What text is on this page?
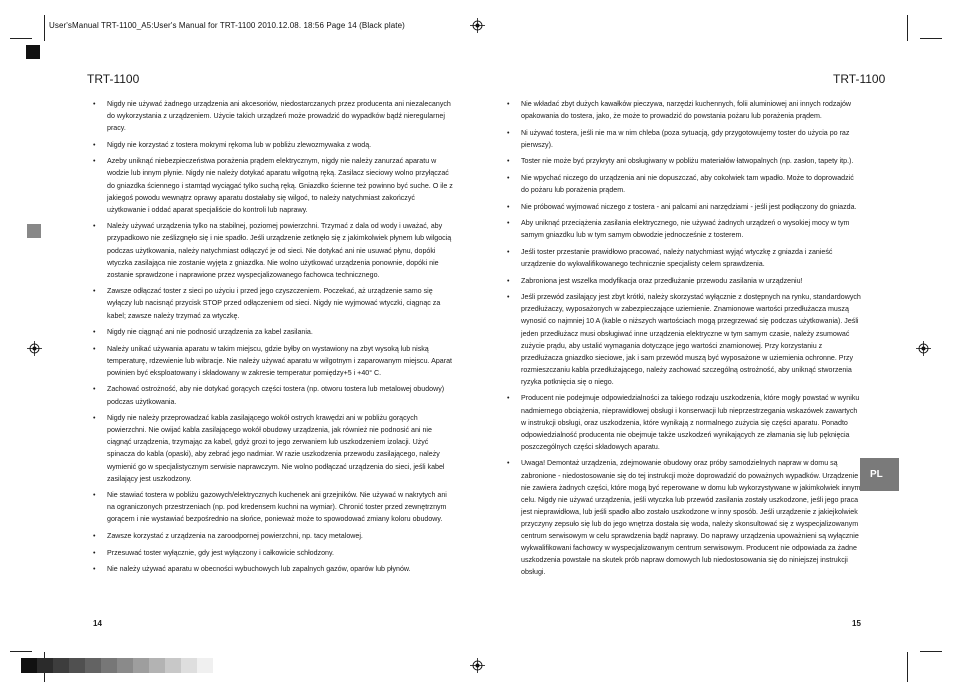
User'sManual TRT-1100_A5:User's Manual for TRT-1100 2010.12.08. 18:56 Page 14 (Black plate)
TRT-1100
• Nigdy nie używać żadnego urządzenia ani akcesoriów, niedostarczanych przez producenta ani niezalecanych do wykorzystania z urządzeniem. Użycie takich urządzeń może prowadzić do wypadków bądź nieregularnej pracy.
• Nigdy nie korzystać z tostera mokrymi rękoma lub w pobliżu zlewozmywaka z wodą.
• Azeby uniknąć niebezpieczeństwa porażenia prądem elektrycznym, nigdy nie należy zanurzać aparatu w wodzie lub innym płynie. Nigdy nie należy dotykać aparatu wilgotną ręką. Zasilacz sieciowy wolno przyłączać do gniazdka ściennego i stamtąd wyciągać tylko suchą ręką. Gniazdko ścienne też powinno być suche. O ile z jakiegoś powodu wewnątrz oprawy aparatu dostałaby się wilgoć, to należy natychmiast zakończyć użytkowanie i oddać aparat specjaliście do kontroli lub naprawy.
• Należy używać urządzenia tylko na stabilnej, poziomej powierzchni. Trzymać z dala od wody i uważać, aby przypadkowo nie ześlizgnęło się i nie spadło. Jeśli urządzenie zetknęło się z jakimkolwiek płynem lub wilgocią podczas użytkowania, należy natychmiast odłączyć je od sieci. Nie dotykać ani nie usuwać płynu, dopóki wtyczka zasilająca nie zostanie wyjęta z gniazdka. Nie wolno użytkować urządzenia ponownie, dopóki nie zostanie sprawdzone i naprawione przez wyspecjalizowanego fachowca technicznego.
• Zawsze odłączać toster z sieci po użyciu i przed jego czyszczeniem. Poczekać, aż urządzenie samo się wyłączy lub nacisnąć przycisk STOP przed odłączeniem od sieci. Nigdy nie wyjmować wtyczki, ciągnąc za kabel; zawsze należy trzymać za wtyczkę.
• Nigdy nie ciągnąć ani nie podnosić urządzenia za kabel zasilania.
• Należy unikać używania aparatu w takim miejscu, gdzie byłby on wystawiony na zbyt wysoką lub niską temperaturę, rdzewienie lub wibracje. Nie należy używać aparatu w wilgotnym i zaparowanym miejscu. Aparat powinien być eksploatowany i składowany w zakresie temperatur pomiędzy+5 i +40° C.
• Zachować ostrożność, aby nie dotykać gorących części tostera (np. otworu tostera lub metalowej obudowy) podczas użytkowania.
• Nigdy nie należy przeprowadzać kabla zasilającego wokół ostrych krawędzi ani w pobliżu gorących powierzchni. Nie owijać kabla zasilającego wokół obudowy urządzenia, jak również nie podnosić ani nie ciągnąć urządzenia, trzymając za kabel, gdyż grozi to jego zerwaniem lub uszkodzeniem izolacji. Użyć spinacza do kabla (opaski), aby zebrać jego nadmiar. W razie uszkodzenia przewodu zasilającego, należy wymienić go w specjalistycznym serwisie naprawczym. Nie wolno podłączać urządzenia do sieci, jeśli kabel zasilający jest uszkodzony.
• Nie stawiać tostera w pobliżu gazowych/elektrycznych kuchenek ani grzejników. Nie używać w nakrytych ani na ograniczonych przestrzeniach (np. pod kredensem kuchni na wymiar). Chronić toster przed zewnętrznym gorącem i nie wystawiać bezpośrednio na słońce, ponieważ może to spowodować zmiany koloru obudowy.
• Zawsze korzystać z urządzenia na zaroodpornej powierzchni, np. tacy metalowej.
• Przesuwać toster wyłącznie, gdy jest wyłączony i całkowicie schłodzony.
• Nie należy używać aparatu w obecności wybuchowych lub zapalnych gazów, oparów lub płynów.
14
TRT-1100
• Nie wkładać zbyt dużych kawałków pieczywa, narzędzi kuchennych, folii aluminiowej ani innych rodzajów opakowania do tostera, jako, że może to prowadzić do powstania pożaru lub porażenia prądem.
• Ni używać tostera, jeśli nie ma w nim chleba (poza sytuacją, gdy przygotowujemy toster do użycia po raz pierwszy).
• Toster nie może być przykryty ani obsługiwany w pobliżu materiałów łatwopalnych (np. zasłon, tapety itp.).
• Nie wpychać niczego do urządzenia ani nie dopuszczać, aby cokolwiek tam wpadło. Może to doprowadzić do pożaru lub porażenia prądem.
• Nie próbować wyjmować niczego z tostera - ani palcami ani narzędziami - jeśli jest podłączony do gniazda.
• Aby uniknąć przeciążenia zasilania elektrycznego, nie używać żadnych urządzeń o wysokiej mocy w tym samym gniazdku lub w tym samym obwodzie jednocześnie z tosterem.
• Jeśli toster przestanie prawidłowo pracować, należy natychmiast wyjąć wtyczkę z gniazda i zanieść urządzenie do wykwalifikowanego technicznie specjalisty celem sprawdzenia.
• Zabroniona jest wszelka modyfikacja oraz przedłużanie przewodu zasilania w urządzeniu!
• Jeśli przewód zasilający jest zbyt krótki, należy skorzystać wyłącznie z dostępnych na rynku, standardowych przedłużaczy, wyposażonych w zabezpieczające uziemienie. Znamionowe wartości przedłużacza muszą wynosić co najmniej 10 A (kable o niższych wartościach mogą przegrzewać się podczas użytkowania). Jeśli jeden przedłużacz musi obsługiwać inne urządzenia elektryczne w tym samym czasie, należy zsumować zużycie prądu, aby ustalić wymagania dotyczące jego wartości znamionowej. Przy korzystaniu z przedłużacza gniazdko sieciowe, jak i sam przewód muszą być wyposażone w uziemienia ochronne. Przy rozmieszczaniu kabla przedłużającego, należy zachować szczególną ostrożność, aby uniknąć stworzenia ryzyka potknięcia się o niego.
• Producent nie podejmuje odpowiedzialności za takiego rodzaju uszkodzenia, które mogły powstać w wyniku nadmiernego obciążenia, nieprawidłowej obsługi i konserwacji lub nieprzestrzegania wskazówek zawartych w instrukcji obsługi, oraz uszkodzenia, które wynikają z normalnego zużycia się części aparatu. Ponadto odpowiedzialność producenta nie obejmuje także uszkodzeń wynikających ze złamania się lub pęknięcia poszczególnych części składowych aparatu.
• Uwaga! Demontaż urządzenia, zdejmowanie obudowy oraz próby samodzielnych napraw w domu są zabronione - niedostosowanie się do tej instrukcji może doprowadzić do poważnych wypadków. Urządzenie nie zawiera żadnych części, które mogą być reperowane w domu lub wykorzystywane w jakimkolwiek innym celu. Nigdy nie używać urządzenia, jeśli wtyczka lub przewód zasilania zostały uszkodzone, jeśli jego praca jest nieprawidłowa, lub jeśli spadło albo zostało uszkodzone w inny sposób. Jeśli urządzenie z jakiejkolwiek przyczyny zepsuło się lub do jego wnętrza dostała się woda, należy skonsultować się z wyspecjalizowanym centrum serwisowym w celu sprawdzenia bądź naprawy. Do naprawy urządzenia upoważnieni są wyłącznie wykwalifikowani fachowcy w wyspecjalizowanym centrum serwisowym. Producent nie odpowiada za żadne uszkodzenia powstałe na skutek prób napraw domowych lub niedostosowania się do niniejszej instrukcji obsługi.
15
PL
